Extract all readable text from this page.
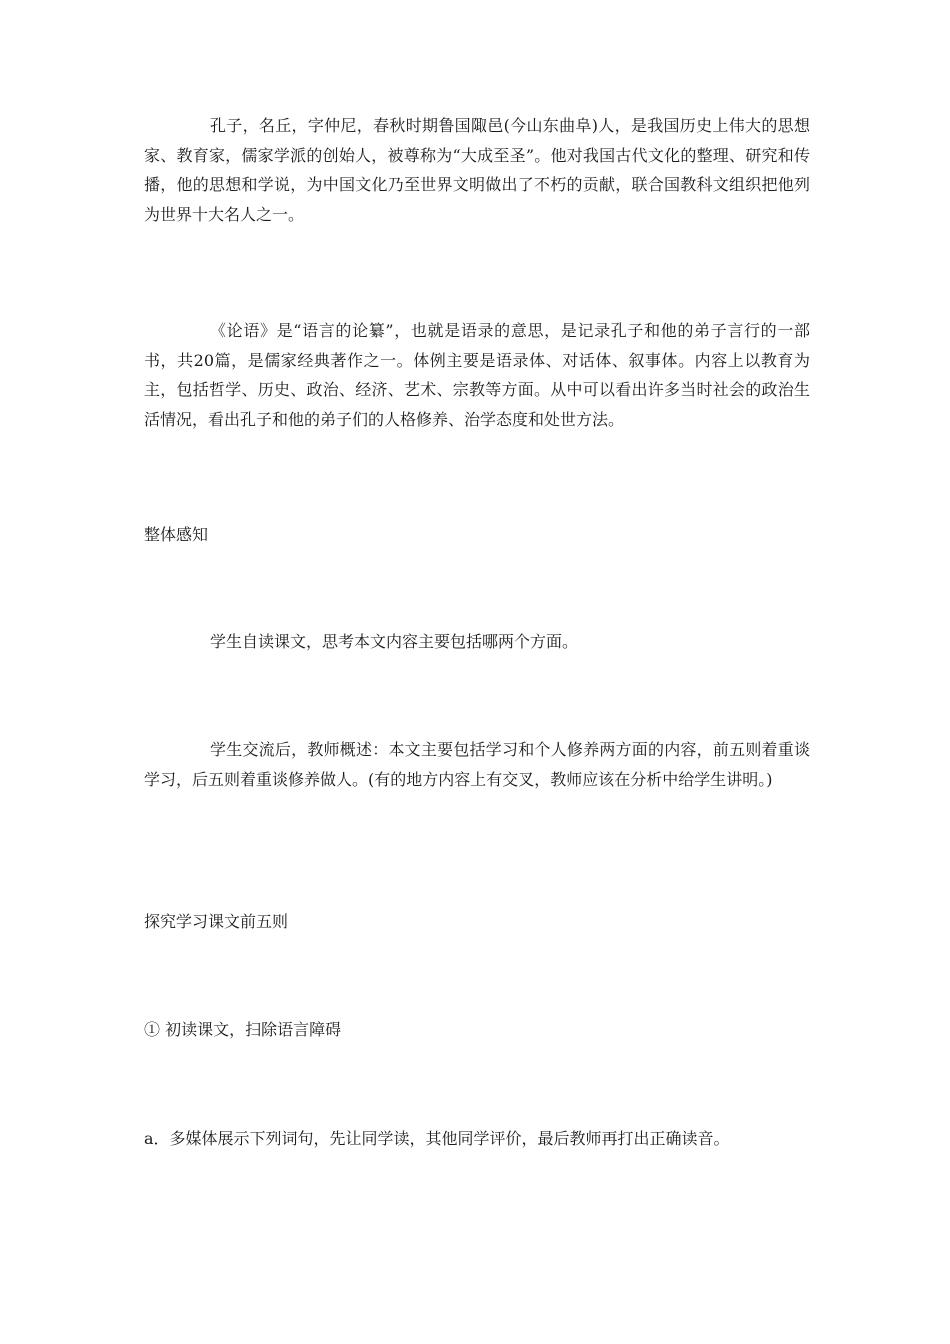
孔子，名丘，字仲尼，春秋时期鲁国陬邑(今山东曲阜)人，是我国历史上伟大的思想家、教育家，儒家学派的创始人，被尊称为“大成至圣”。他对我国古代文化的整理、研究和传播，他的思想和学说，为中国文化乃至世界文明做出了不朽的贡献，联合国教科文组织把他列为世界十大名人之一。

《论语》是“语言的论纂”，也就是语录的意思，是记录孔子和他的弟子言行的一部书，共20篇，是儒家经典著作之一。体例主要是语录体、对话体、叙事体。内容上以教育为主，包括哲学、历史、政治、经济、艺术、宗教等方面。从中可以看出许多当时社会的政治生活情况，看出孔子和他的弟子们的人格修养、治学态度和处世方法。

整体感知

学生自读课文，思考本文内容主要包括哪两个方面。

学生交流后，教师概述：本文主要包括学习和个人修养两方面的内容，前五则着重谈学习，后五则着重谈修养做人。(有的地方内容上有交叉，教师应该在分析中给学生讲明。)

探究学习课文前五则

① 初读课文，扫除语言障碍

a．多媒体展示下列词句，先让同学读，其他同学评价，最后教师再打出正确读音。
